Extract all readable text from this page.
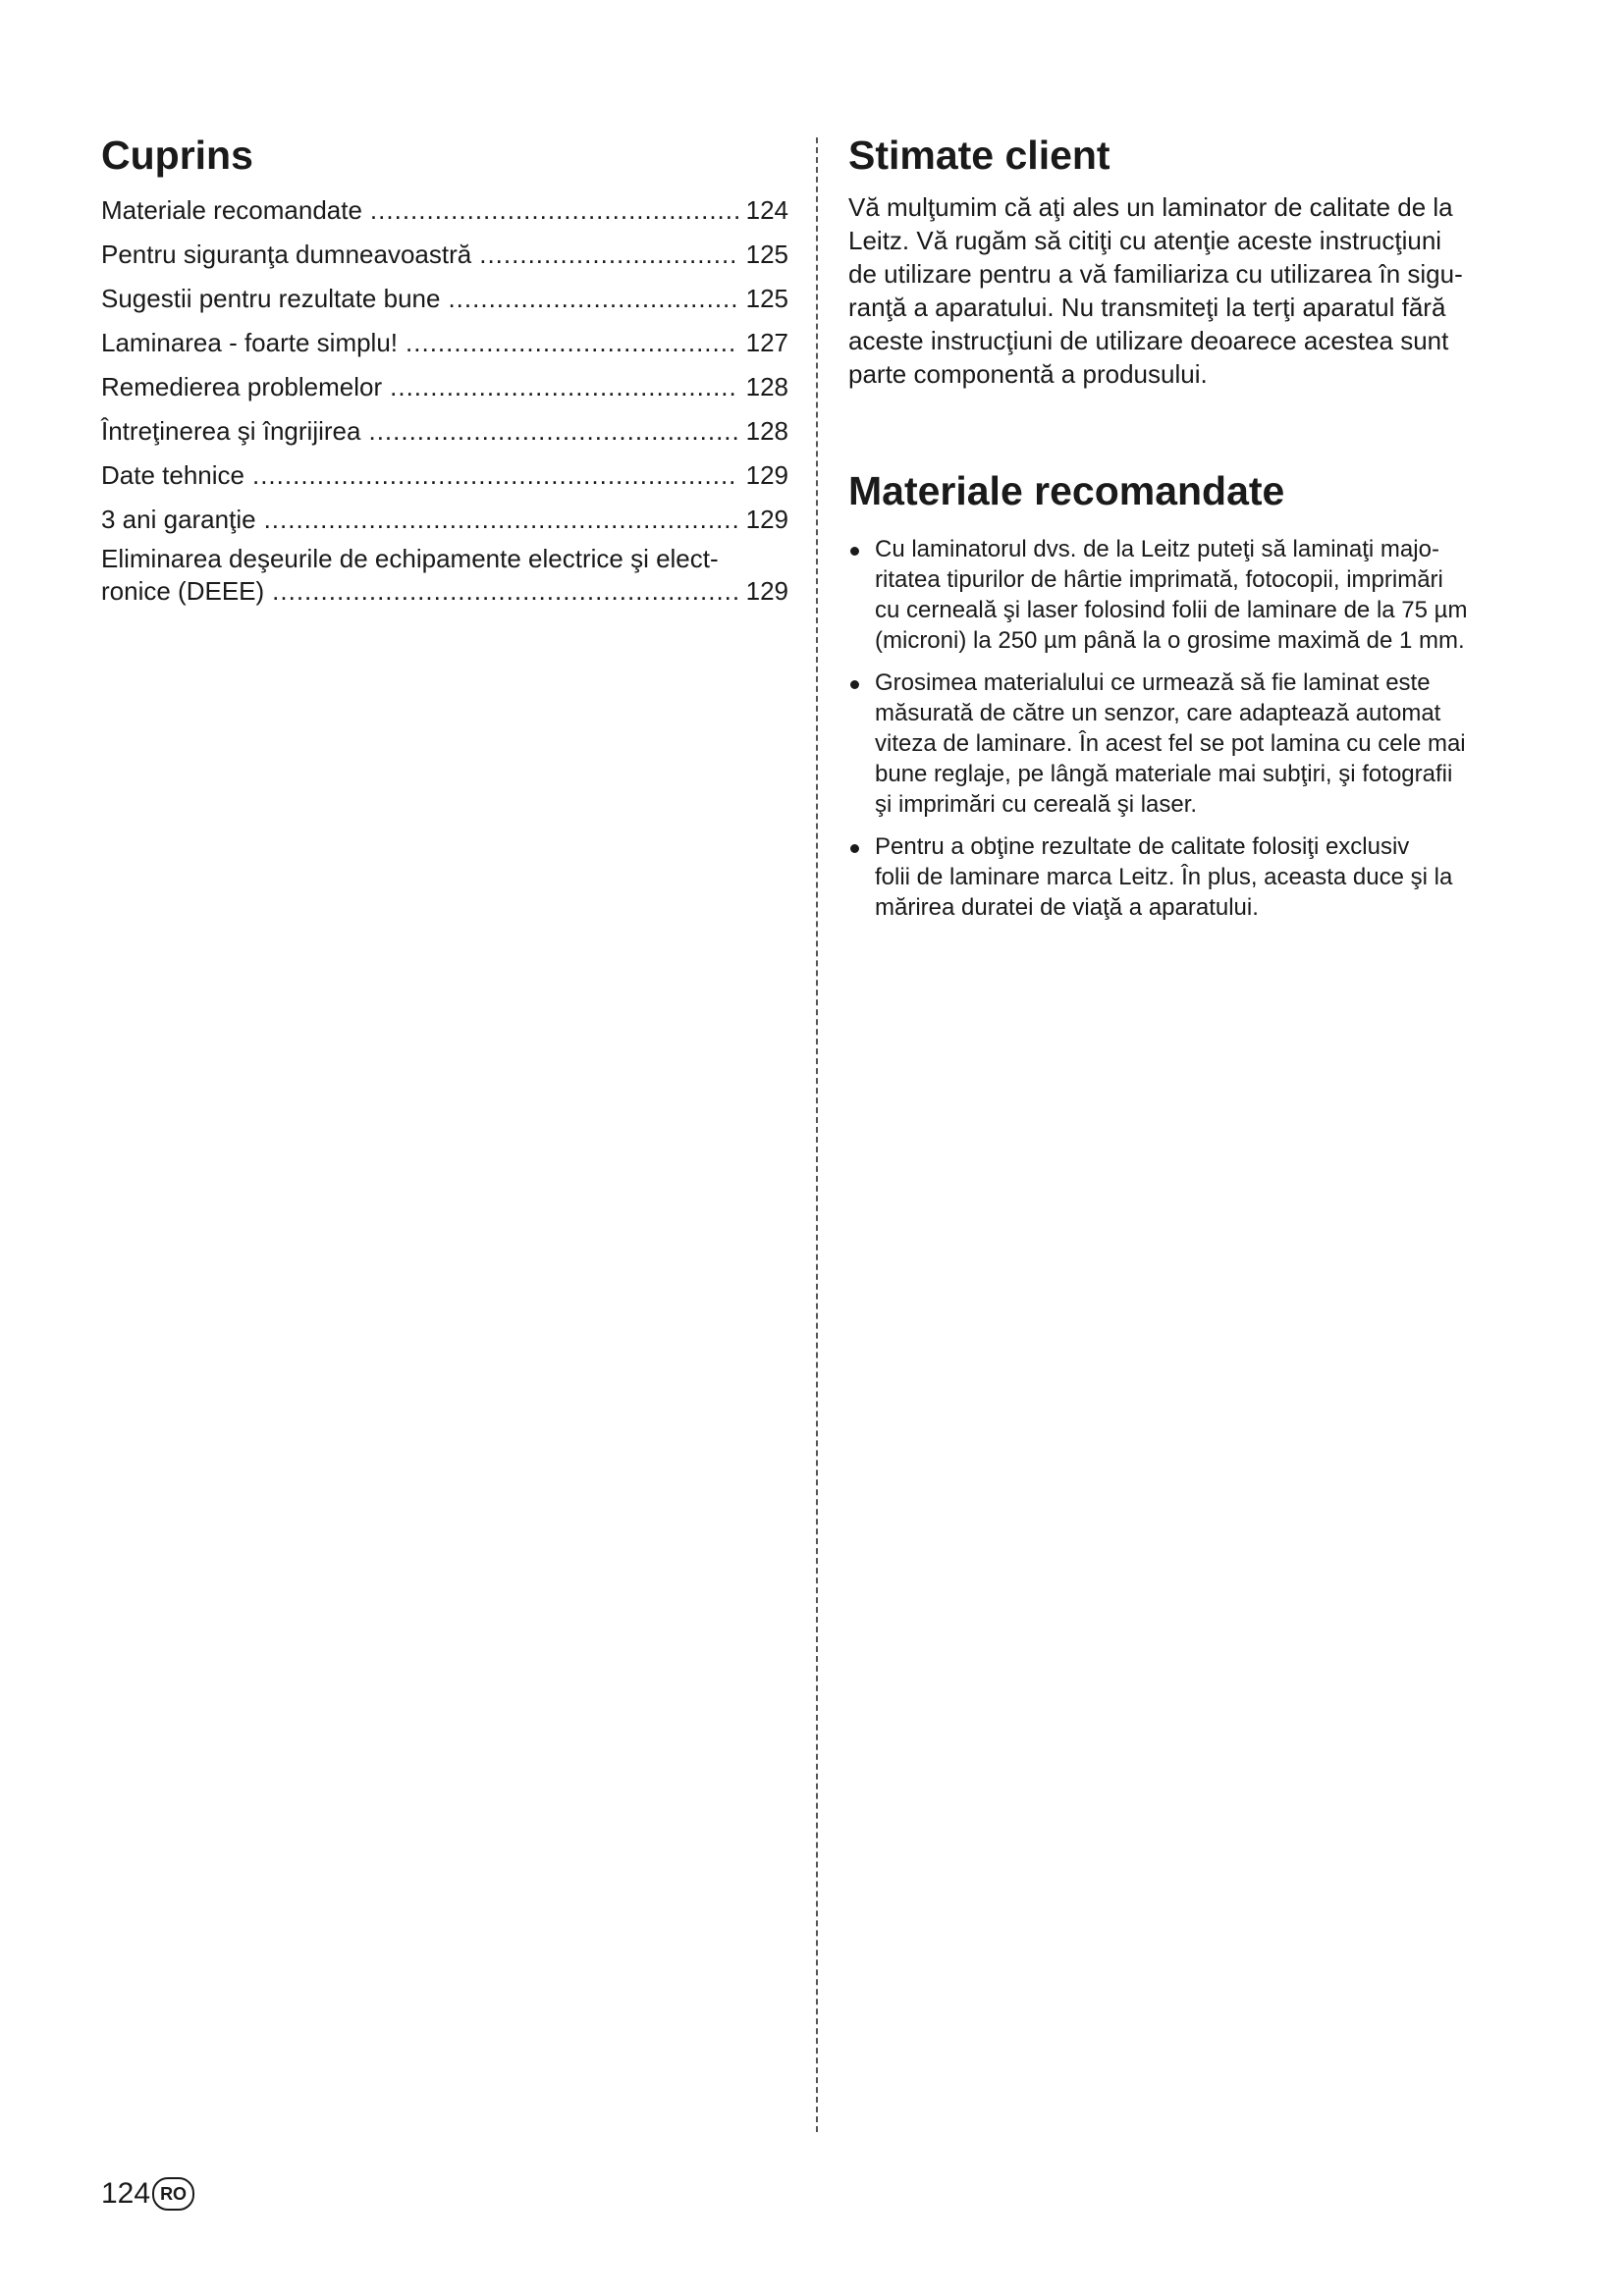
Cuprins
Materiale recomandate .....	124
Pentru siguranţa dumneavoastră .....	125
Sugestii pentru rezultate bune .....	125
Laminarea - foarte simplu! .....	127
Remedierea problemelor .....	128
Întreţinerea şi îngrijirea .....	128
Date tehnice .....	129
3 ani garanţie .....	129
Eliminarea deşeurile de echipamente electrice şi elect-
ronice (DEEE) .....	129
Stimate client

Vă mulţumim că aţi ales un laminator de calitate de la
Leitz. Vă rugăm să citiţi cu atenţie aceste instrucţiuni
de utilizare pentru a vă familiariza cu utilizarea în sigu-
ranţă a aparatului. Nu transmiteţi la terţi aparatul fără
aceste instrucţiuni de utilizare deoarece acestea sunt
parte componentă a produsului.

Materiale recomandate
Cu laminatorul dvs. de la Leitz puteţi să laminaţi majo-
ritatea tipurilor de hârtie imprimată, fotocopii, imprimări
cu cerneală şi laser folosind folii de laminare de la 75 µm
(microni) la 250 µm până la o grosime maximă de 1 mm.
Grosimea materialului ce urmează să fie laminat este
măsurată de către un senzor, care adaptează automat
viteza de laminare. În acest fel se pot lamina cu cele mai
bune reglaje, pe lângă materiale mai subţiri, şi fotografii
şi imprimări cu cereală şi laser.
Pentru a obţine rezultate de calitate folosiţi exclusiv
folii de laminare marca Leitz. În plus, aceasta duce şi la
mărirea duratei de viaţă a aparatului.
124 RO
